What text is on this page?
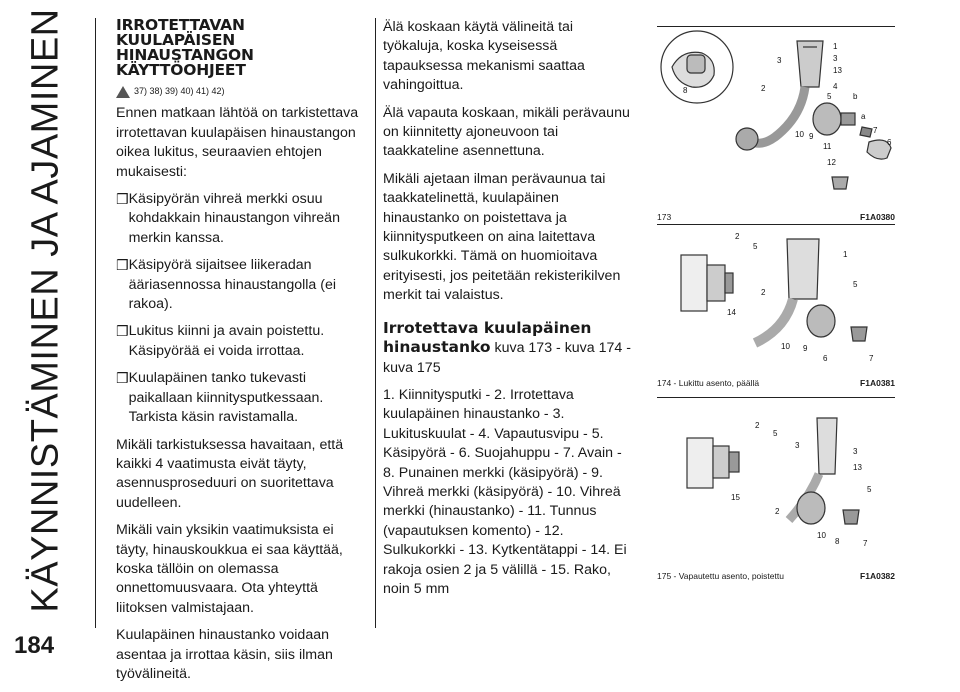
KÄYNNISTÄMINEN JA AJAMINEN
184
IRROTETTAVAN
KUULAPÄISEN
HINAUSTANGON
KÄYTTÖOHJEET
37) 38) 39) 40) 41) 42)

Ennen matkaan lähtöä on tarkistettava irrotettavan kuulapäisen hinaustangon oikea lukitus, seuraavien ehtojen mukaisesti:

❒ Käsipyörän vihreä merkki osuu kohdakkain hinaustangon vihreän merkin kanssa.
❒ Käsipyörä sijaitsee liikeradan ääriasennossa hinaustangolla (ei rakoa).
❒ Lukitus kiinni ja avain poistettu. Käsipyörää ei voida irrottaa.
❒ Kuulapäinen tanko tukevasti paikallaan kiinnitysputkessaan. Tarkista käsin ravistamalla.

Mikäli tarkistuksessa havaitaan, että kaikki 4 vaatimusta eivät täyty, asennusproseduuri on suoritettava uudelleen.

Mikäli vain yksikin vaatimuksista ei täyty, hinauskoukkua ei saa käyttää, koska tällöin on olemassa onnettomuusvaara. Ota yhteyttä liitoksen valmistajaan.

Kuulapäinen hinaustanko voidaan asentaa ja irrottaa käsin, siis ilman työvälineitä.

Älä koskaan käytä välineitä tai työkaluja, koska kyseisessä tapauksessa mekanismi saattaa vahingoittua.

Älä vapauta koskaan, mikäli perävaunu on kiinnitetty ajoneuvoon tai taakkateline asennettuna.

Mikäli ajetaan ilman perävaunua tai taakkatelinettä, kuulapäinen hinaustanko on poistettava ja kiinnitysputkeen on aina laitettava sulkukorkki. Tämä on huomioitava erityisesti, jos peitetään rekisterikilven merkit tai valaistus.

Irrotettava kuulapäinen hinaustanko kuva 173 - kuva 174 - kuva 175

1. Kiinnitysputki - 2. Irrotettava kuulapäinen hinaustanko - 3. Lukituskuulat - 4. Vapautusvipu - 5. Käsipyörä - 6. Suojahuppu - 7. Avain - 8. Punainen merkki (käsipyörä) - 9. Vihreä merkki (käsipyörä) - 10. Vihreä merkki (hinaustanko) - 11. Tunnus (vapautuksen komento) - 12. Sulkukorkki - 13. Kytkentätappi - 14. Ei rakoja osien 2 ja 5 välillä - 15. Rako, noin 5 mm

1
3
13
4
5	b
a
7
6
3
8	2
10 9
11
12
173	F1A0380
2
5
1
2
14
5
10 9
6	7
174 - Lukittu asento, päällä	F1A0381
2
5
3
3
13
15
5
2
10
8	7
175 - Vapautettu asento, poistettu	F1A0382
